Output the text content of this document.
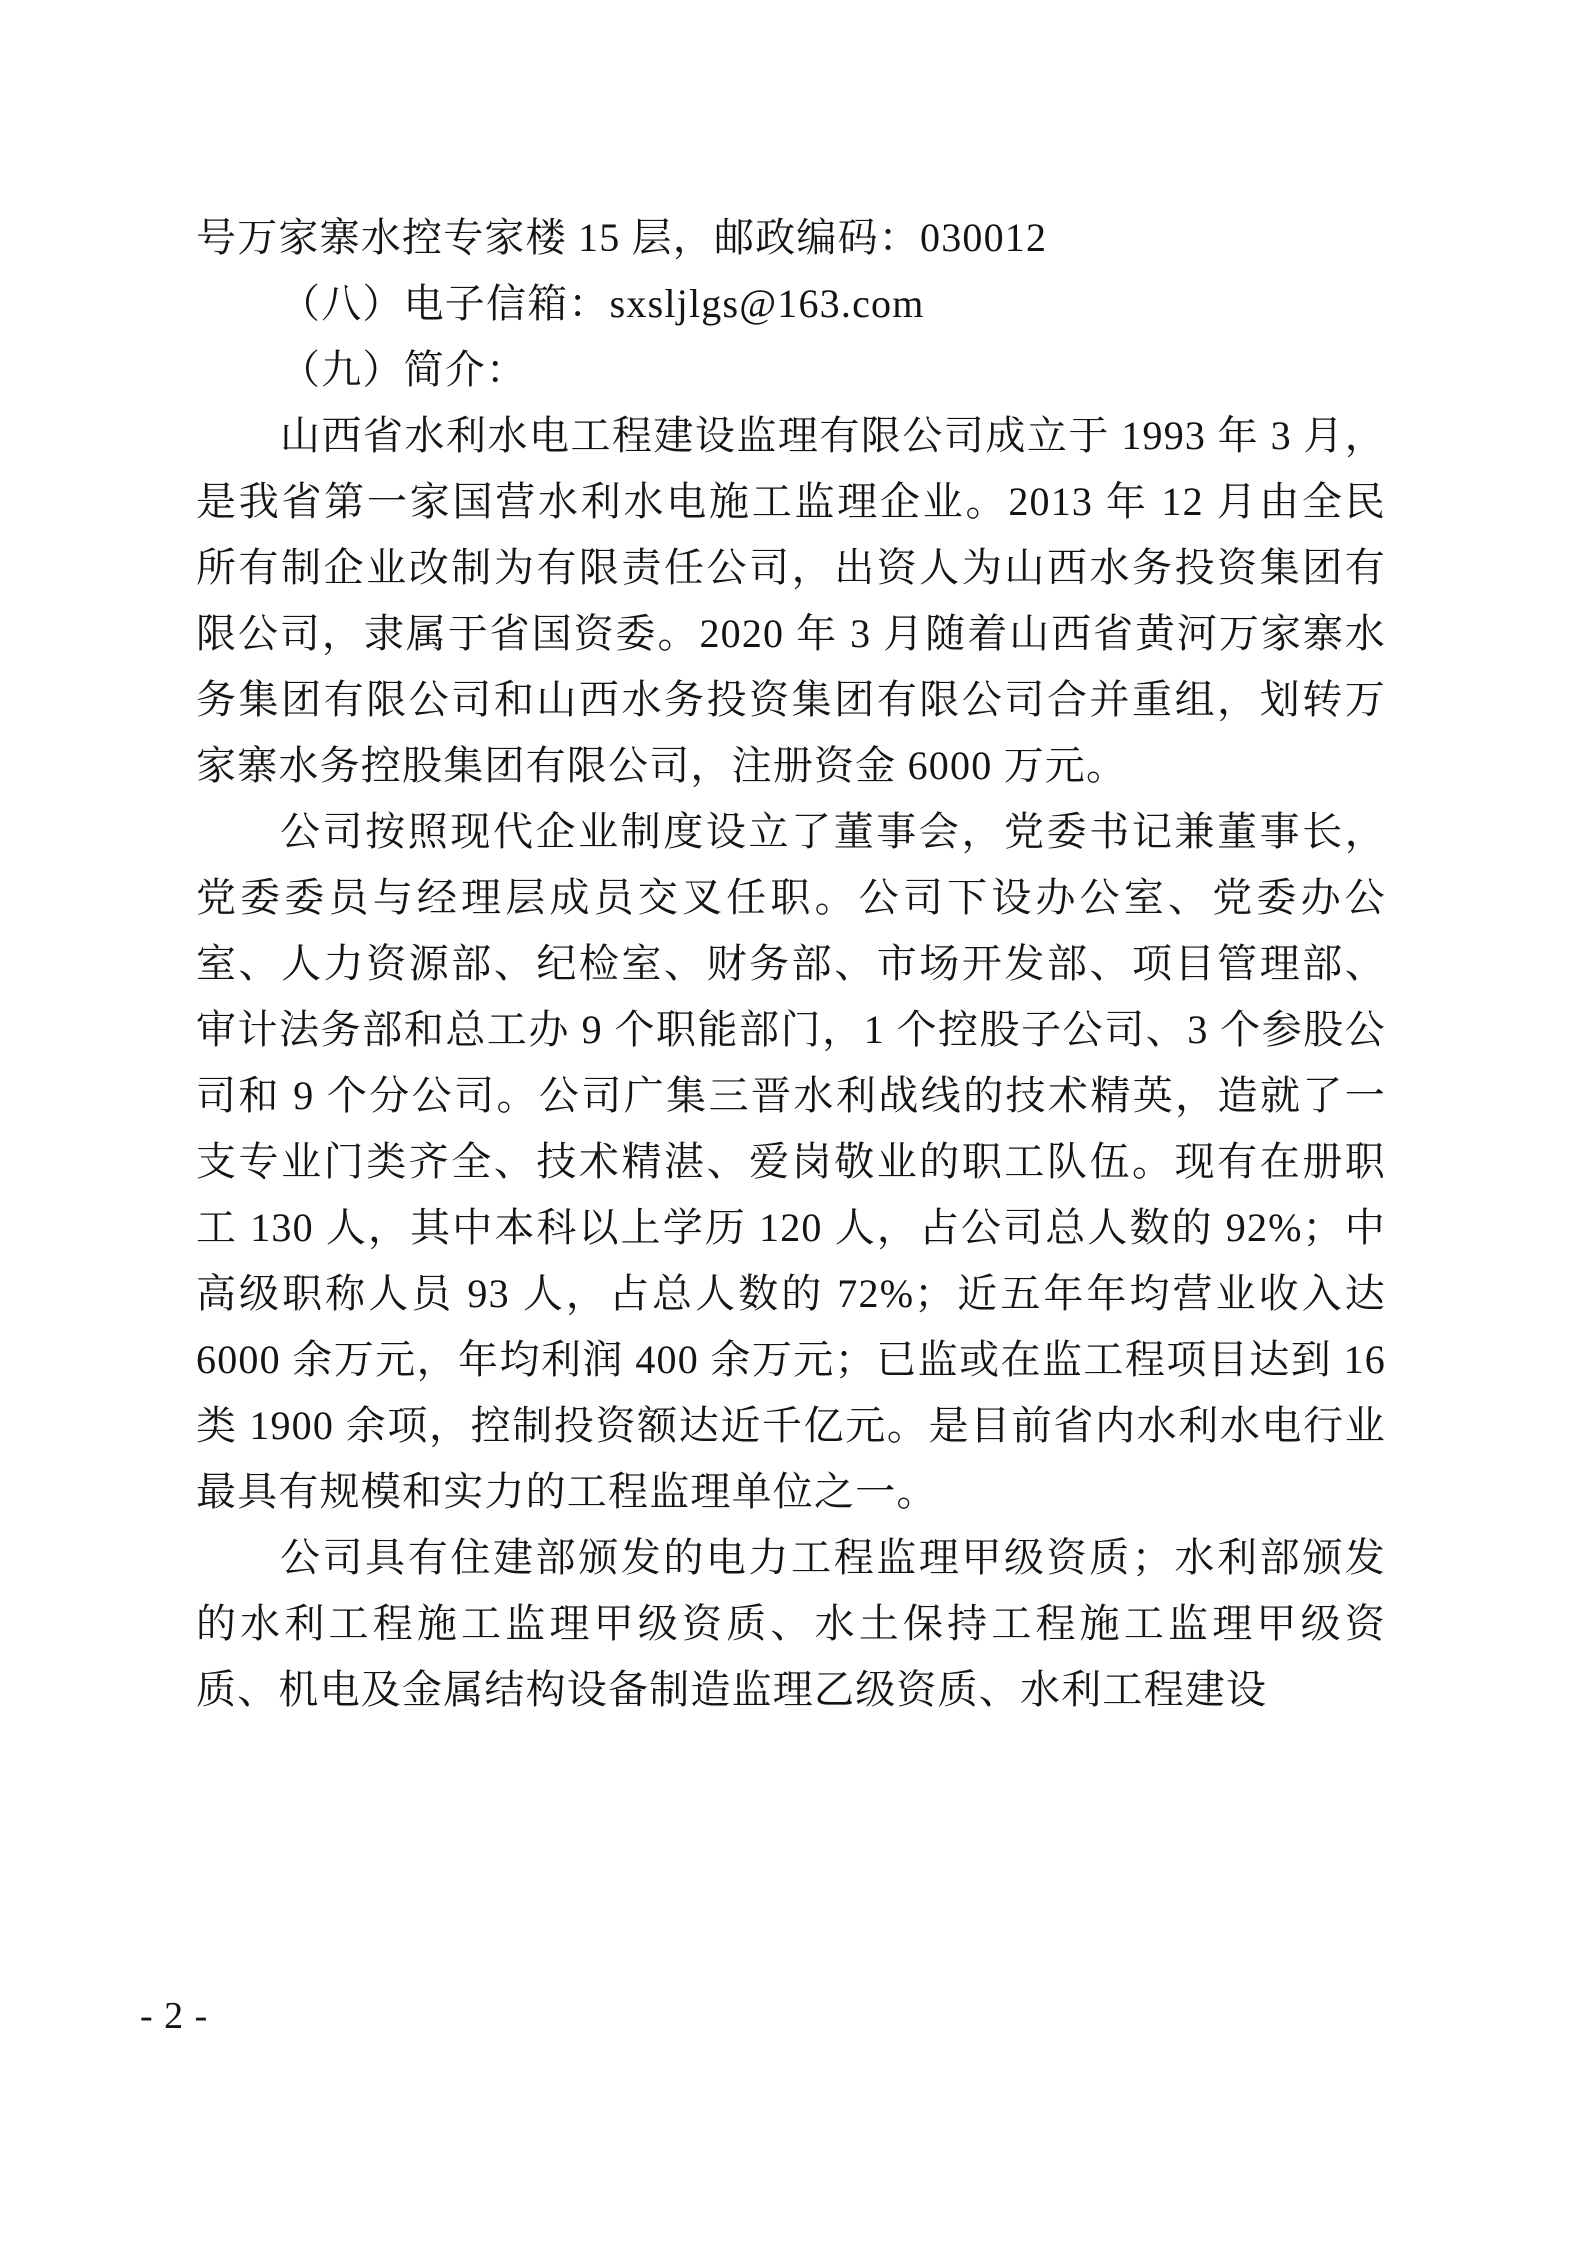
号万家寨水控专家楼 15 层，邮政编码：030012

（八）电子信箱：sxsljlgs@163.com

（九）简介：

山西省水利水电工程建设监理有限公司成立于 1993 年 3 月，是我省第一家国营水利水电施工监理企业。2013 年 12 月由全民所有制企业改制为有限责任公司，出资人为山西水务投资集团有限公司，隶属于省国资委。2020 年 3 月随着山西省黄河万家寨水务集团有限公司和山西水务投资集团有限公司合并重组，划转万家寨水务控股集团有限公司，注册资金 6000 万元。

公司按照现代企业制度设立了董事会，党委书记兼董事长，党委委员与经理层成员交叉任职。公司下设办公室、党委办公室、人力资源部、纪检室、财务部、市场开发部、项目管理部、审计法务部和总工办 9 个职能部门，1 个控股子公司、3 个参股公司和 9 个分公司。公司广集三晋水利战线的技术精英，造就了一支专业门类齐全、技术精湛、爱岗敬业的职工队伍。现有在册职工 130 人，其中本科以上学历 120 人，占公司总人数的 92%；中高级职称人员 93 人，占总人数的 72%；近五年年均营业收入达 6000 余万元，年均利润 400 余万元；已监或在监工程项目达到 16 类 1900 余项，控制投资额达近千亿元。是目前省内水利水电行业最具有规模和实力的工程监理单位之一。

公司具有住建部颁发的电力工程监理甲级资质；水利部颁发的水利工程施工监理甲级资质、水土保持工程施工监理甲级资质、机电及金属结构设备制造监理乙级资质、水利工程建设

- 2 -
